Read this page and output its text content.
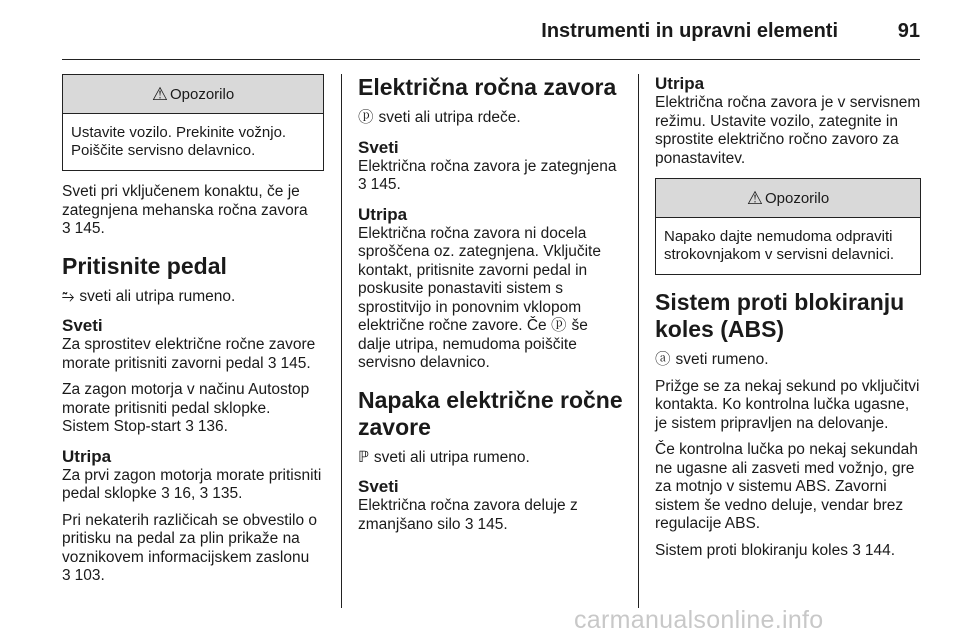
Instrumenti in upravni elementi	91
⚠ Opozorilo
Ustavite vozilo. Prekinite vožnjo. Poiščite servisno delavnico.

Sveti pri vključenem konaktu, če je zategnjena mehanska ročna zavora
3 145.

Pritisnite pedal

⥲ sveti ali utripa rumeno.

Sveti

Za sprostitev električne ročne zavore morate pritisniti zavorni pedal 3 145.

Za zagon motorja v načinu Autostop morate pritisniti pedal sklopke.
Sistem Stop-start 3 136.

Utripa

Za prvi zagon motorja morate pritisniti pedal sklopke 3 16, 3 135.

Pri nekaterih različicah se obvestilo o pritisku na pedal za plin prikaže na voznikovem informacijskem zaslonu
3 103.

Električna ročna zavora

ⓟ sveti ali utripa rdeče.

Sveti

Električna ročna zavora je zategnjena
3 145.

Utripa

Električna ročna zavora ni docela sproščena oz. zategnjena. Vključite kontakt, pritisnite zavorni pedal in poskusite ponastaviti sistem s sprostitvijo in ponovnim vklopom električne ročne zavore. Če ⓟ še dalje utripa, nemudoma poiščite servisno delavnico.

Napaka električne ročne zavore

ℙ sveti ali utripa rumeno.

Sveti

Električna ročna zavora deluje z zmanjšano silo 3 145.

Utripa

Električna ročna zavora je v servisnem režimu. Ustavite vozilo, zategnite in sprostite električno ročno zavoro za ponastavitev.

⚠ Opozorilo
Napako dajte nemudoma odpraviti strokovnjakom v servisni delavnici.
Sistem proti blokiranju koles (ABS)

ⓐ sveti rumeno.

Prižge se za nekaj sekund po vključitvi kontakta. Ko kontrolna lučka ugasne, je sistem pripravljen na delovanje.

Če kontrolna lučka po nekaj sekundah ne ugasne ali zasveti med vožnjo, gre za motnjo v sistemu ABS. Zavorni sistem še vedno deluje, vendar brez regulacije ABS.

Sistem proti blokiranju koles 3 144.

carmanualsonline.info
